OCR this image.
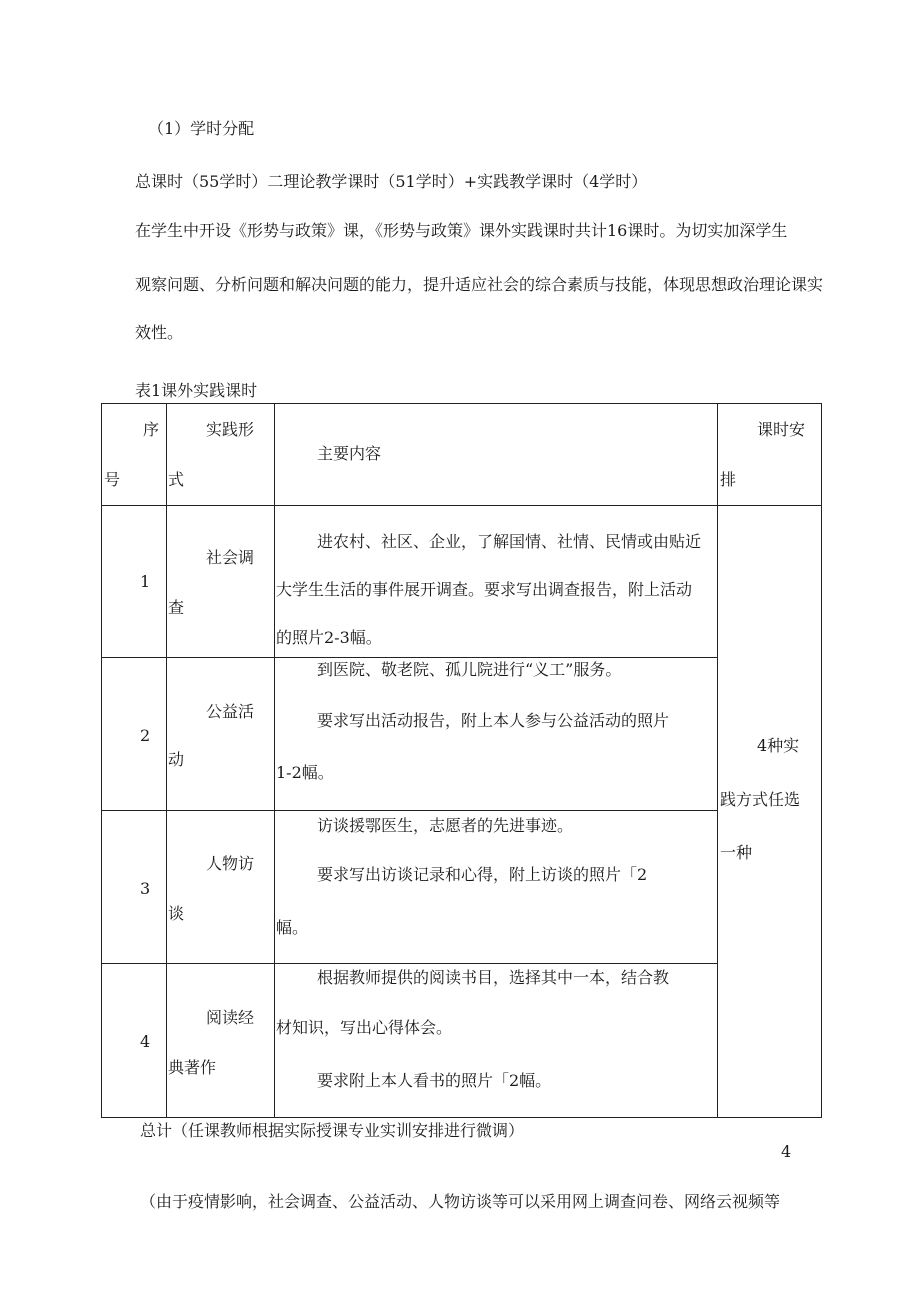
（1）学时分配
总课时（55学时）二理论教学课时（51学时）+实践教学课时（4学时）
在学生中开设《形势与政策》课，《形势与政策》课外实践课时共计16课时。为切实加深学生
观察问题、分析问题和解决问题的能力，提升适应社会的综合素质与技能，体现思想政治理论课实
效性。
表1课外实践课时
序
号
实践形
式
主要内容
课时安
排
1
社会调
查
进农村、社区、企业，了解国情、社情、民情或由贴近
大学生生活的事件展开调查。要求写出调查报告，附上活动
的照片2-3幅。
2
公益活
动
到医院、敬老院、孤儿院进行“义工”服务。
要求写出活动报告，附上本人参与公益活动的照片
1-2幅。
3
人物访
谈
访谈援鄂医生，志愿者的先进事迹。
要求写出访谈记录和心得，附上访谈的照片「2
幅。
4
阅读经
典著作
根据教师提供的阅读书目，选择其中一本，结合教
材知识，写出心得体会。
要求附上本人看书的照片「2幅。
4种实
践方式任选
一种
总计（任课教师根据实际授课专业实训安排进行微调）
4
（由于疫情影响，社会调查、公益活动、人物访谈等可以采用网上调查问卷、网络云视频等
